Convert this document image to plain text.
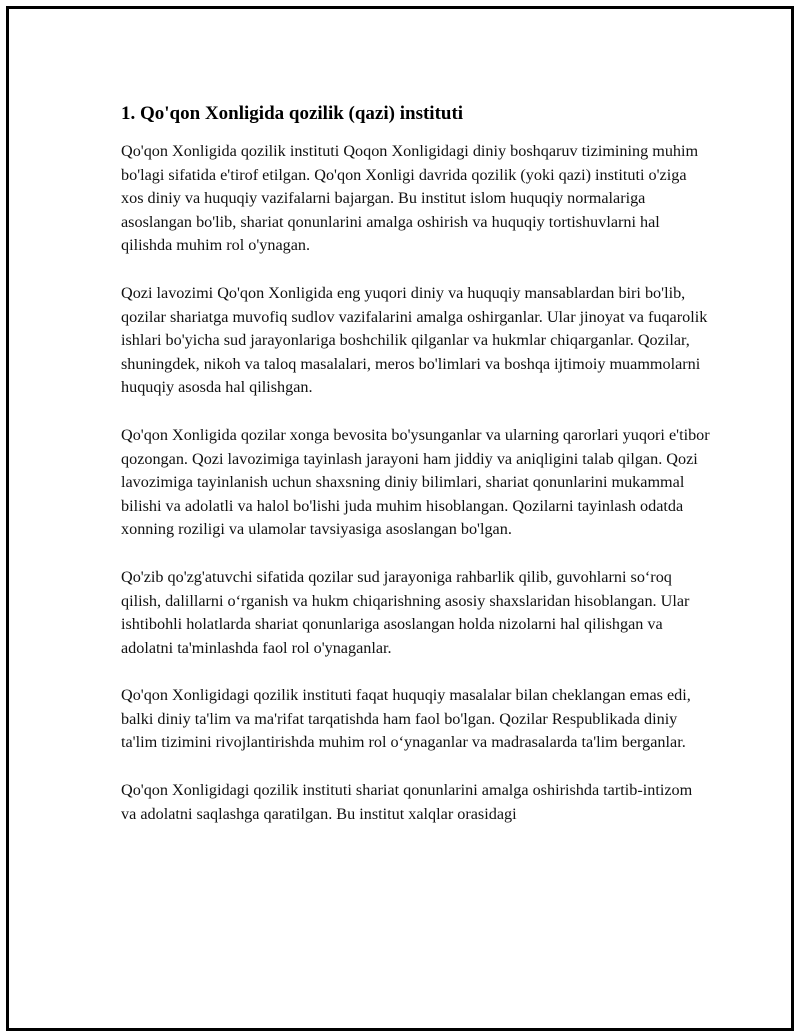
1. Qo'qon Xonligida qozilik (qazi) instituti

Qo'qon Xonligida qozilik instituti Qoqon Xonligidagi diniy boshqaruv tizimining muhim bo'lagi sifatida e'tirof etilgan. Qo'qon Xonligi davrida qozilik (yoki qazi) instituti o'ziga xos diniy va huquqiy vazifalarni bajargan. Bu institut islom huquqiy normalariga asoslangan bo'lib, shariat qonunlarini amalga oshirish va huquqiy tortishuvlarni hal qilishda muhim rol o'ynagan.

Qozi lavozimi Qo'qon Xonligida eng yuqori diniy va huquqiy mansablardan biri bo'lib, qozilar shariatga muvofiq sudlov vazifalarini amalga oshirganlar. Ular jinoyat va fuqarolik ishlari bo'yicha sud jarayonlariga boshchilik qilganlar va hukmlar chiqarganlar. Qozilar, shuningdek, nikoh va taloq masalalari, meros bo'limlari va boshqa ijtimoiy muammolarni huquqiy asosda hal qilishgan.

Qo'qon Xonligida qozilar xonga bevosita bo'ysunganlar va ularning qarorlari yuqori e'tibor qozongan. Qozi lavozimiga tayinlash jarayoni ham jiddiy va aniqligini talab qilgan. Qozi lavozimiga tayinlanish uchun shaxsning diniy bilimlari, shariat qonunlarini mukammal bilishi va adolatli va halol bo'lishi juda muhim hisoblangan. Qozilarni tayinlash odatda xonning roziligi va ulamolar tavsiyasiga asoslangan bo'lgan.

Qo'zib qo'zg'atuvchi sifatida qozilar sud jarayoniga rahbarlik qilib, guvohlarni so‘roq qilish, dalillarni o‘rganish va hukm chiqarishning asosiy shaxslaridan hisoblangan. Ular ishtibohli holatlarda shariat qonunlariga asoslangan holda nizolarni hal qilishgan va adolatni ta'minlashda faol rol o'ynaganlar.

Qo'qon Xonligidagi qozilik instituti faqat huquqiy masalalar bilan cheklangan emas edi, balki diniy ta'lim va ma'rifat tarqatishda ham faol bo'lgan. Qozilar Respublikada diniy ta'lim tizimini rivojlantirishda muhim rol o‘ynaganlar va madrasalarda ta'lim berganlar.

Qo'qon Xonligidagi qozilik instituti shariat qonunlarini amalga oshirishda tartib-intizom va adolatni saqlashga qaratilgan. Bu institut xalqlar orasidagi
